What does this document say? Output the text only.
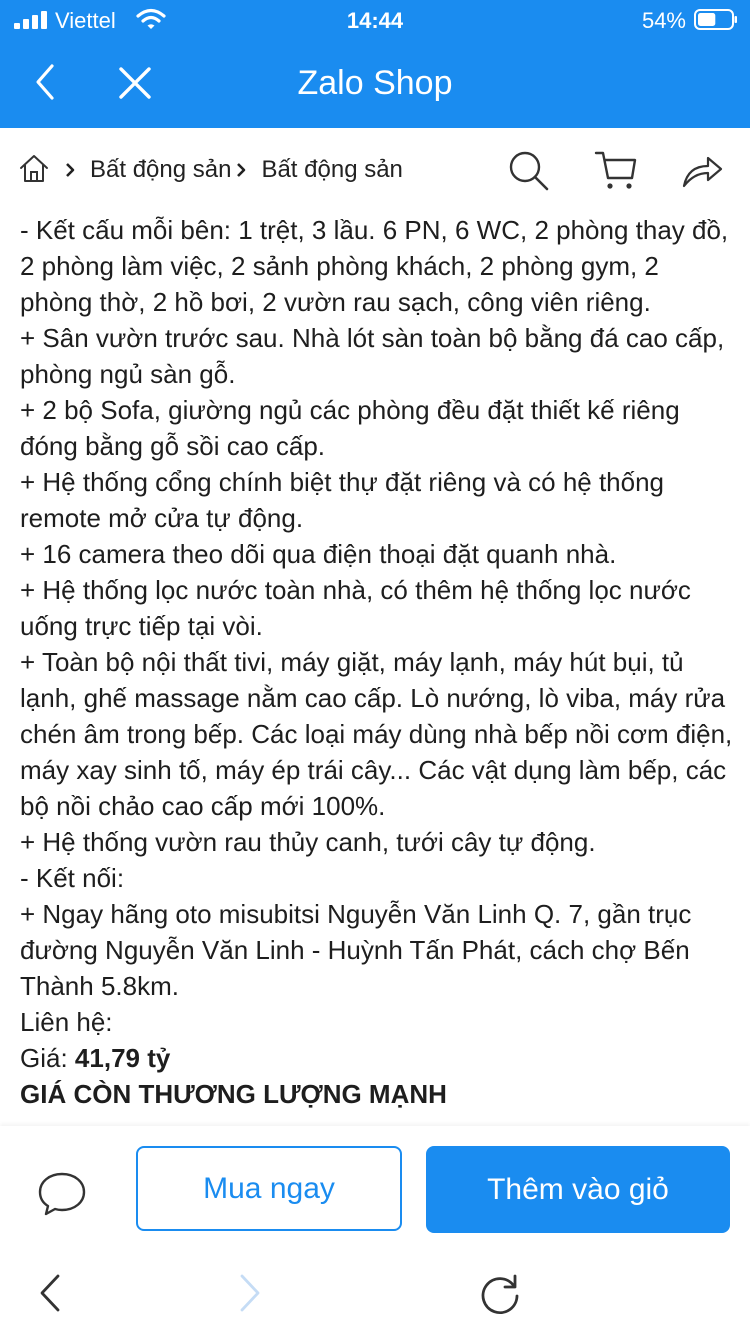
Viettel	14:44	54%
Zalo Shop
Bất động sản Bất động sản

- Kết cấu mỗi bên: 1 trệt, 3 lầu. 6 PN, 6 WC, 2 phòng thay đồ, 2 phòng làm việc, 2 sảnh phòng khách, 2 phòng gym, 2 phòng thờ, 2 hồ bơi, 2 vườn rau sạch, công viên riêng.

+ Sân vườn trước sau. Nhà lót sàn toàn bộ bằng đá cao cấp, phòng ngủ sàn gỗ.

+ 2 bộ Sofa, giường ngủ các phòng đều đặt thiết kế riêng đóng bằng gỗ sồi cao cấp.

+ Hệ thống cổng chính biệt thự đặt riêng và có hệ thống remote mở cửa tự động.

+ 16 camera theo dõi qua điện thoại đặt quanh nhà.

+ Hệ thống lọc nước toàn nhà, có thêm hệ thống lọc nước uống trực tiếp tại vòi.

+ Toàn bộ nội thất tivi, máy giặt, máy lạnh, máy hút bụi, tủ lạnh, ghế massage nằm cao cấp. Lò nướng, lò viba, máy rửa chén âm trong bếp. Các loại máy dùng nhà bếp nồi cơm điện, máy xay sinh tố, máy ép trái cây... Các vật dụng làm bếp, các bộ nồi chảo cao cấp mới 100%.

+ Hệ thống vườn rau thủy canh, tưới cây tự động.

- Kết nối:

+ Ngay hãng oto misubitsi Nguyễn Văn Linh Q. 7, gần trục đường Nguyễn Văn Linh - Huỳnh Tấn Phát, cách chợ Bến Thành 5.8km.

Liên hệ:

Giá: 41,79 tỷ

GIÁ CÒN THƯƠNG LƯỢNG MẠNH

Mua ngay	Thêm vào giỏ
